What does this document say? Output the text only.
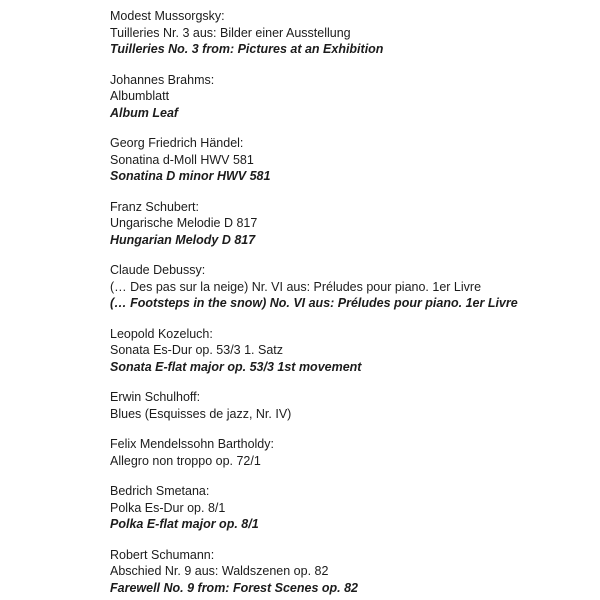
Modest Mussorgsky:
Tuilleries Nr. 3 aus: Bilder einer Ausstellung
Tuilleries No. 3 from: Pictures at an Exhibition
Johannes Brahms:
Albumblatt
Album Leaf
Georg Friedrich Händel:
Sonatina d-Moll HWV 581
Sonatina D minor HWV 581
Franz Schubert:
Ungarische Melodie D 817
Hungarian Melody D 817
Claude Debussy:
(… Des pas sur la neige) Nr. VI aus: Préludes pour piano. 1er Livre
(… Footsteps in the snow) No. VI aus: Préludes pour piano. 1er Livre
Leopold Kozeluch:
Sonata Es-Dur op. 53/3 1. Satz
Sonata E-flat major op. 53/3 1st movement
Erwin Schulhoff:
Blues (Esquisses de jazz, Nr. IV)
Felix Mendelssohn Bartholdy:
Allegro non troppo op. 72/1
Bedrich Smetana:
Polka Es-Dur op. 8/1
Polka E-flat major op. 8/1
Robert Schumann:
Abschied Nr. 9 aus: Waldszenen op. 82
Farewell No. 9 from: Forest Scenes op. 82
